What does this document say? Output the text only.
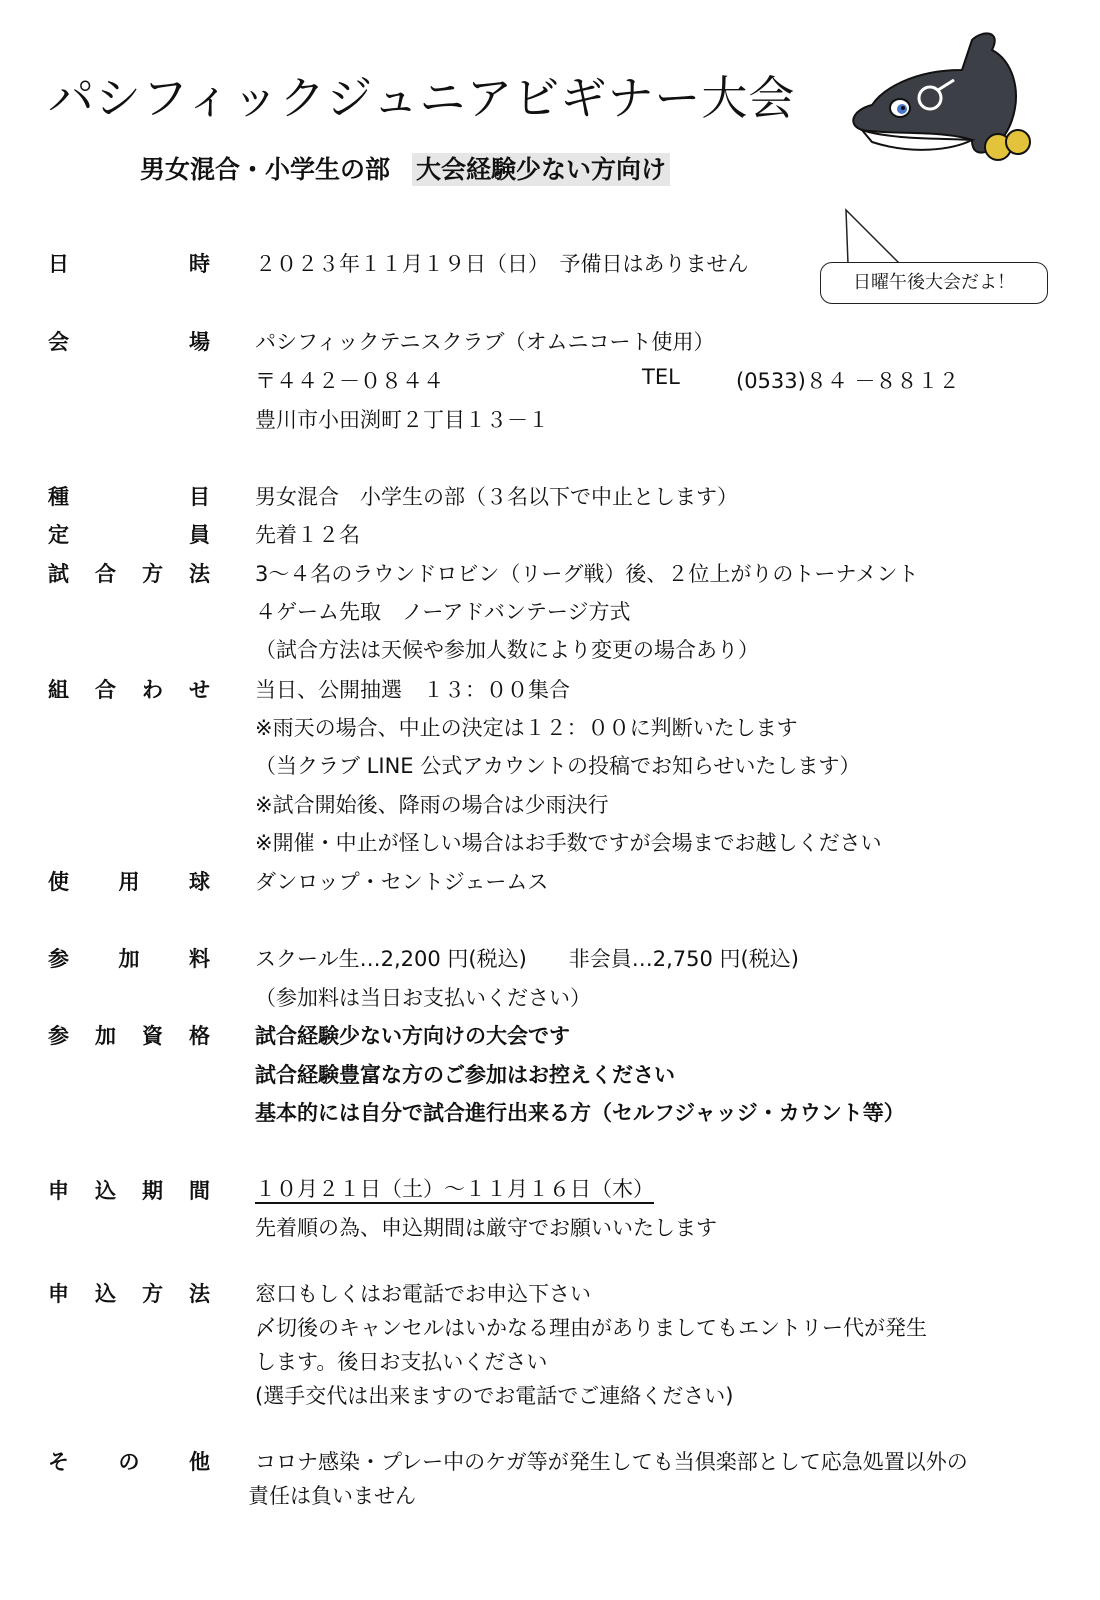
パシフィックジュニアビギナー大会
男女混合・小学生の部 大会経験少ない方向け
日曜午後大会だよ！
日	時 ２０２３年１１月１９日（日）　予備日はありません
会	場 パシフィックテニスクラブ（オムニコート使用）
〒４４２－０８４４	TEL	(0533)８４ －８８１２
豊川市小田渕町２丁目１３－１
種	目 男女混合　小学生の部（３名以下で中止とします）
定	員 先着１２名
試 合 方 法 3～４名のラウンドロビン（リーグ戦）後、２位上がりのトーナメント
４ゲーム先取　ノーアドバンテージ方式
（試合方法は天候や参加人数により変更の場合あり）
組 合 わ せ 当日、公開抽選　１３：００集合
※雨天の場合、中止の決定は１２：００に判断いたします
（当クラブ LINE 公式アカウントの投稿でお知らせいたします）
※試合開始後、降雨の場合は少雨決行
※開催・中止が怪しい場合はお手数ですが会場までお越しください
使 用 球 ダンロップ・セントジェームス
参 加 料 スクール生…2,200 円(税込)　　非会員…2,750 円(税込)
（参加料は当日お支払いください）
参 加 資 格 試合経験少ない方向けの大会です
試合経験豊富な方のご参加はお控えください
基本的には自分で試合進行出来る方（セルフジャッジ・カウント等）
申 込 期 間 １０月２１日（土）～１１月１６日（木）
先着順の為、申込期間は厳守でお願いいたします
申 込 方 法 窓口もしくはお電話でお申込下さい
〆切後のキャンセルはいかなる理由がありましてもエントリー代が発生
します。後日お支払いください
(選手交代は出来ますのでお電話でご連絡ください)
そ の 他 コロナ感染・プレー中のケガ等が発生しても当倶楽部として応急処置以外の
責任は負いません
